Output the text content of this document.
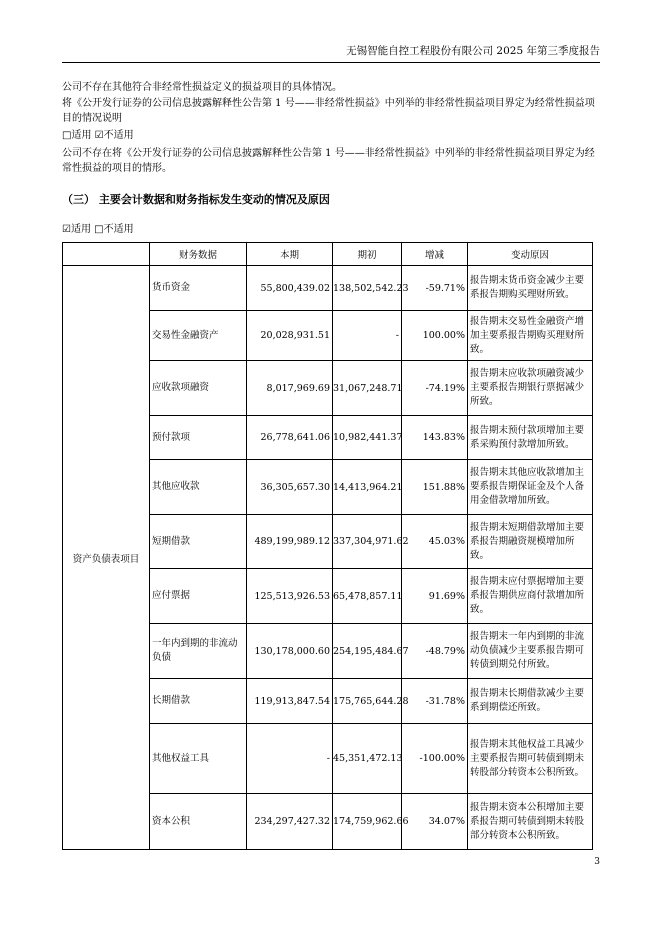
无锡智能自控工程股份有限公司 2025 年第三季度报告
公司不存在其他符合非经常性损益定义的损益项目的具体情况。
将《公开发行证券的公司信息披露解释性公告第 1 号——非经常性损益》中列举的非经常性损益项目界定为经常性损益项目的情况说明
□适用 ☑不适用
公司不存在将《公开发行证券的公司信息披露解释性公告第 1 号——非经常性损益》中列举的非经常性损益项目界定为经常性损益的项目的情形。
（三） 主要会计数据和财务指标发生变动的情况及原因
☑适用 □不适用
	财务数据	本期	期初	增减	变动原因
资产负债表项目	货币资金	55,800,439.02	138,502,542.23	-59.71%	报告期末货币资金减少主要系报告期购买理财所致。
	交易性金融资产	20,028,931.51	-	100.00%	报告期末交易性金融资产增加主要系报告期购买理财所致。
	应收款项融资	8,017,969.69	31,067,248.71	-74.19%	报告期末应收款项融资减少主要系报告期银行票据减少所致。
	预付款项	26,778,641.06	10,982,441.37	143.83%	报告期末预付款项增加主要系采购预付款增加所致。
	其他应收款	36,305,657.30	14,413,964.21	151.88%	报告期末其他应收款增加主要系报告期保证金及个人备用金借款增加所致。
	短期借款	489,199,989.12	337,304,971.62	45.03%	报告期末短期借款增加主要系报告期融资规模增加所致。
	应付票据	125,513,926.53	65,478,857.11	91.69%	报告期末应付票据增加主要系报告期供应商付款增加所致。
	一年内到期的非流动负债	130,178,000.60	254,195,484.67	-48.79%	报告期末一年内到期的非流动负债减少主要系报告期可转债到期兑付所致。
	长期借款	119,913,847.54	175,765,644.28	-31.78%	报告期末长期借款减少主要系到期偿还所致。
	其他权益工具	-	45,351,472.13	-100.00%	报告期末其他权益工具减少主要系报告期可转债到期未转股部分转资本公积所致。
	资本公积	234,297,427.32	174,759,962.66	34.07%	报告期末资本公积增加主要系报告期可转债到期未转股部分转资本公积所致。
3
